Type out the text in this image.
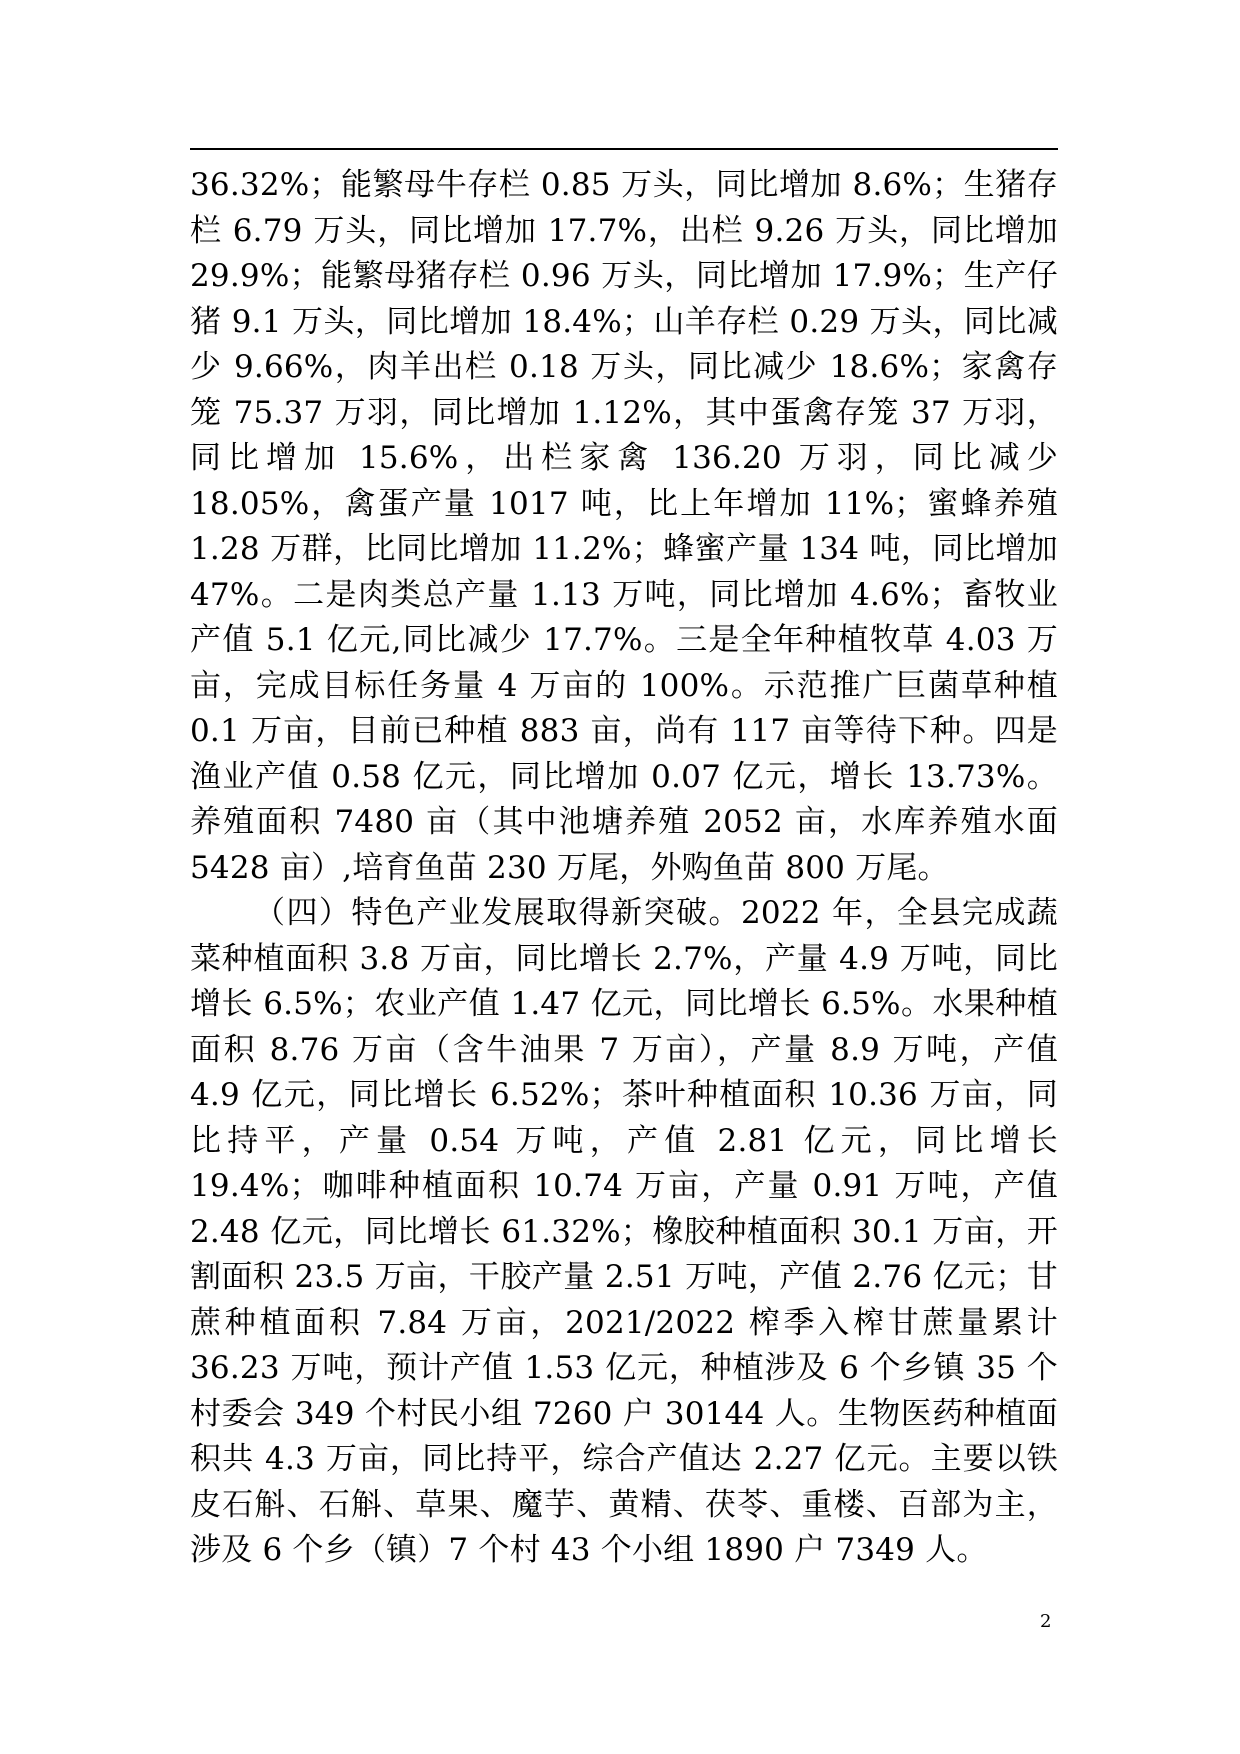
36.32%；能繁母牛存栏 0.85 万头，同比增加 8.6%；生猪存栏 6.79 万头，同比增加 17.7%，出栏 9.26 万头，同比增加 29.9%；能繁母猪存栏 0.96 万头，同比增加 17.9%；生产仔猪 9.1 万头，同比增加 18.4%；山羊存栏 0.29 万头，同比减少 9.66%，肉羊出栏 0.18 万头，同比减少 18.6%；家禽存笼 75.37 万羽，同比增加 1.12%，其中蛋禽存笼 37 万羽，同比增加 15.6%，出栏家禽 136.20 万羽，同比减少 18.05%，禽蛋产量 1017 吨，比上年增加 11%；蜜蜂养殖 1.28 万群，比同比增加 11.2%；蜂蜜产量 134 吨，同比增加 47%。二是肉类总产量 1.13 万吨，同比增加 4.6%；畜牧业产值 5.1 亿元,同比减少 17.7%。三是全年种植牧草 4.03 万亩，完成目标任务量 4 万亩的 100%。示范推广巨菌草种植 0.1 万亩，目前已种植 883 亩，尚有 117 亩等待下种。四是渔业产值 0.58 亿元，同比增加 0.07 亿元，增长 13.73%。养殖面积 7480 亩（其中池塘养殖 2052 亩，水库养殖水面 5428 亩）,培育鱼苗 230 万尾，外购鱼苗 800 万尾。

（四）特色产业发展取得新突破。2022 年，全县完成蔬菜种植面积 3.8 万亩，同比增长 2.7%，产量 4.9 万吨，同比增长 6.5%；农业产值 1.47 亿元，同比增长 6.5%。水果种植面积 8.76 万亩（含牛油果 7 万亩），产量 8.9 万吨，产值 4.9 亿元，同比增长 6.52%；茶叶种植面积 10.36 万亩，同比持平，产量 0.54 万吨，产值 2.81 亿元，同比增长 19.4%；咖啡种植面积 10.74 万亩，产量 0.91 万吨，产值 2.48 亿元，同比增长 61.32%；橡胶种植面积 30.1 万亩，开割面积 23.5 万亩，干胶产量 2.51 万吨，产值 2.76 亿元；甘蔗种植面积 7.84 万亩，2021/2022 榨季入榨甘蔗量累计 36.23 万吨，预计产值 1.53 亿元，种植涉及 6 个乡镇 35 个村委会 349 个村民小组 7260 户 30144 人。生物医药种植面积共 4.3 万亩，同比持平，综合产值达 2.27 亿元。主要以铁皮石斛、石斛、草果、魔芋、黄精、茯苓、重楼、百部为主，涉及 6 个乡（镇）7 个村 43 个小组 1890 户 7349 人。

2
